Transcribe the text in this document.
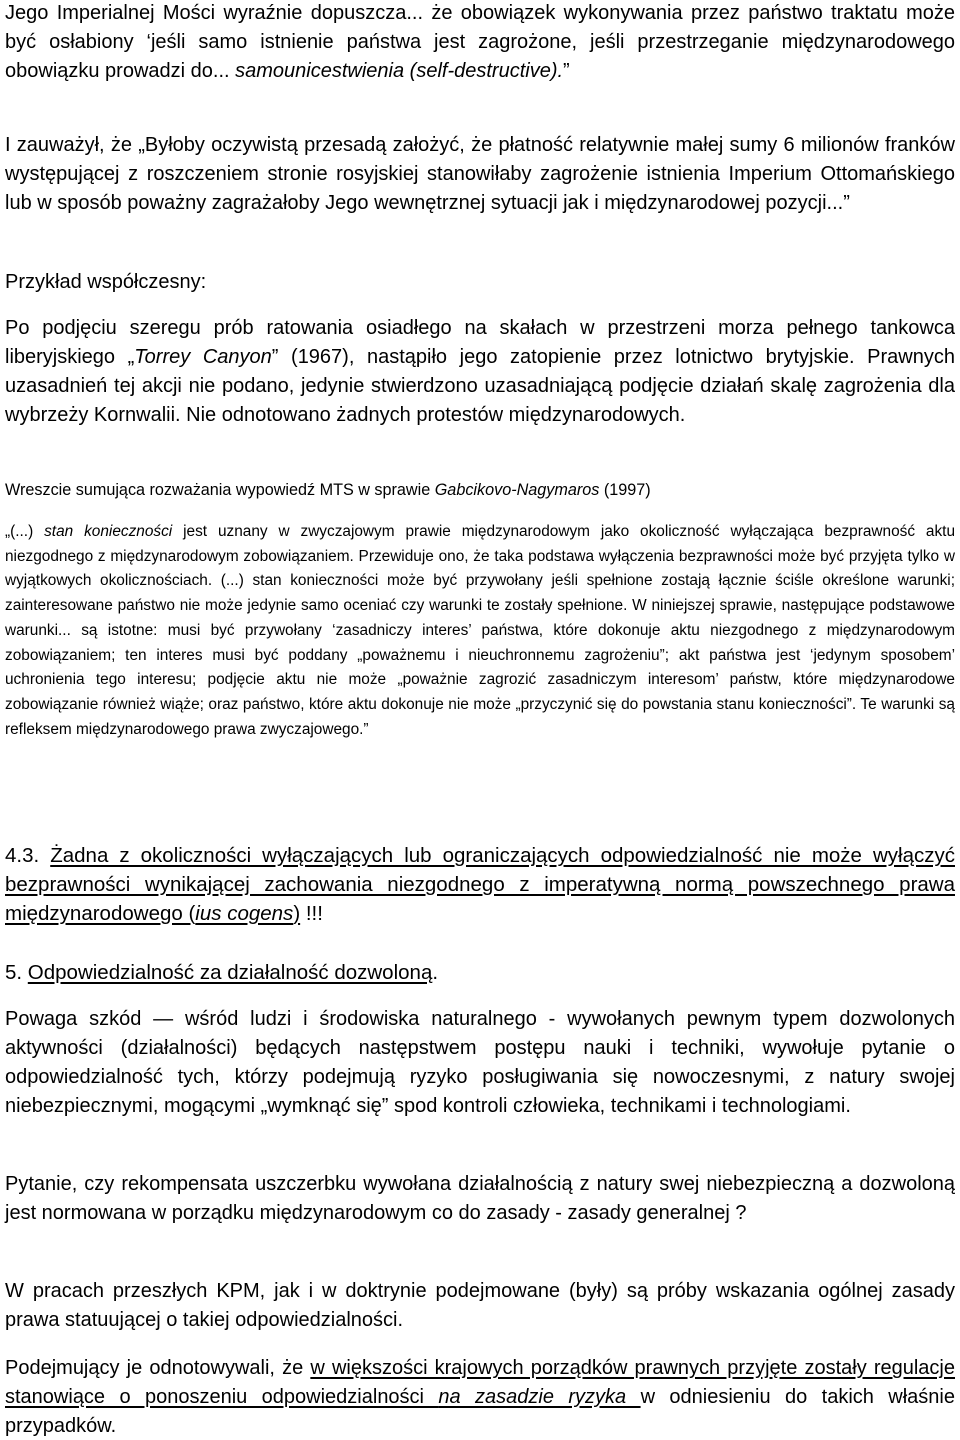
Jego Imperialnej Mości wyraźnie dopuszcza... że obowiązek wykonywania przez państwo traktatu może być osłabiony ‘jeśli samo istnienie państwa jest zagrożone, jeśli przestrzeganie międzynarodowego obowiązku prowadzi do... samounicestwienia (self-destructive).”

I zauważył, że „Byłoby oczywistą przesadą założyć, że płatność relatywnie małej sumy 6 milionów franków występującej z roszczeniem stronie rosyjskiej stanowiłaby zagrożenie istnienia Imperium Ottomańskiego lub w sposób poważny zagrażałoby Jego wewnętrznej sytuacji jak i międzynarodowej pozycji...”

Przykład współczesny:

Po podjęciu szeregu prób ratowania osiadłego na skałach w przestrzeni morza pełnego tankowca liberyjskiego „Torrey Canyon” (1967), nastąpiło jego zatopienie przez lotnictwo brytyjskie. Prawnych uzasadnień tej akcji nie podano, jedynie stwierdzono uzasadniającą podjęcie działań skalę zagrożenia dla wybrzeży Kornwalii. Nie odnotowano żadnych protestów międzynarodowych.

Wreszcie sumująca rozważania wypowiedź MTS w sprawie Gabcikovo-Nagymaros (1997)

„(...) stan konieczności jest uznany w zwyczajowym prawie międzynarodowym jako okoliczność wyłączająca bezprawność aktu niezgodnego z międzynarodowym zobowiązaniem. Przewiduje ono, że taka podstawa wyłączenia bezprawności może być przyjęta tylko w wyjątkowych okolicznościach. (...) stan konieczności może być przywołany jeśli spełnione zostają łącznie ściśle określone warunki; zainteresowane państwo nie może jedynie samo oceniać czy warunki te zostały spełnione. W niniejszej sprawie, następujące podstawowe warunki... są istotne: musi być przywołany ‘zasadniczy interes’ państwa, które dokonuje aktu niezgodnego z międzynarodowym zobowiązaniem; ten interes musi być poddany „poważnemu i nieuchronnemu zagrożeniu”; akt państwa jest ‘jedynym sposobem’ uchronienia tego interesu; podjęcie aktu nie może „poważnie zagrozić zasadniczym interesom’ państw, które międzynarodowe zobowiązanie również wiąże; oraz państwo, które aktu dokonuje nie może „przyczynić się do powstania stanu konieczności”. Te warunki są refleksem międzynarodowego prawa zwyczajowego.”

4.3. Żadna z okoliczności wyłączających lub ograniczających odpowiedzialność nie może wyłączyć bezprawności wynikającej zachowania niezgodnego z imperatywną normą powszechnego prawa międzynarodowego (ius cogens) !!!

5. Odpowiedzialność za działalność dozwoloną.

Powaga szkód — wśród ludzi i środowiska naturalnego - wywołanych pewnym typem dozwolonych aktywności (działalności) będących następstwem postępu nauki i techniki, wywołuje pytanie o odpowiedzialność tych, którzy podejmują ryzyko posługiwania się nowoczesnymi, z natury swojej niebezpiecznymi, mogącymi „wymknąć się” spod kontroli człowieka, technikami i technologiami.

Pytanie, czy rekompensata uszczerbku wywołana działalnością z natury swej niebezpieczną a dozwoloną jest normowana w porządku międzynarodowym co do zasady - zasady generalnej ?

W pracach przeszłych KPM, jak i w doktrynie podejmowane (były) są próby wskazania ogólnej zasady prawa statuującej o takiej odpowiedzialności.

Podejmujący je odnotowywali, że w większości krajowych porządków prawnych przyjęte zostały regulacje stanowiące o ponoszeniu odpowiedzialności na zasadzie ryzyka w odniesieniu do takich właśnie przypadków.
